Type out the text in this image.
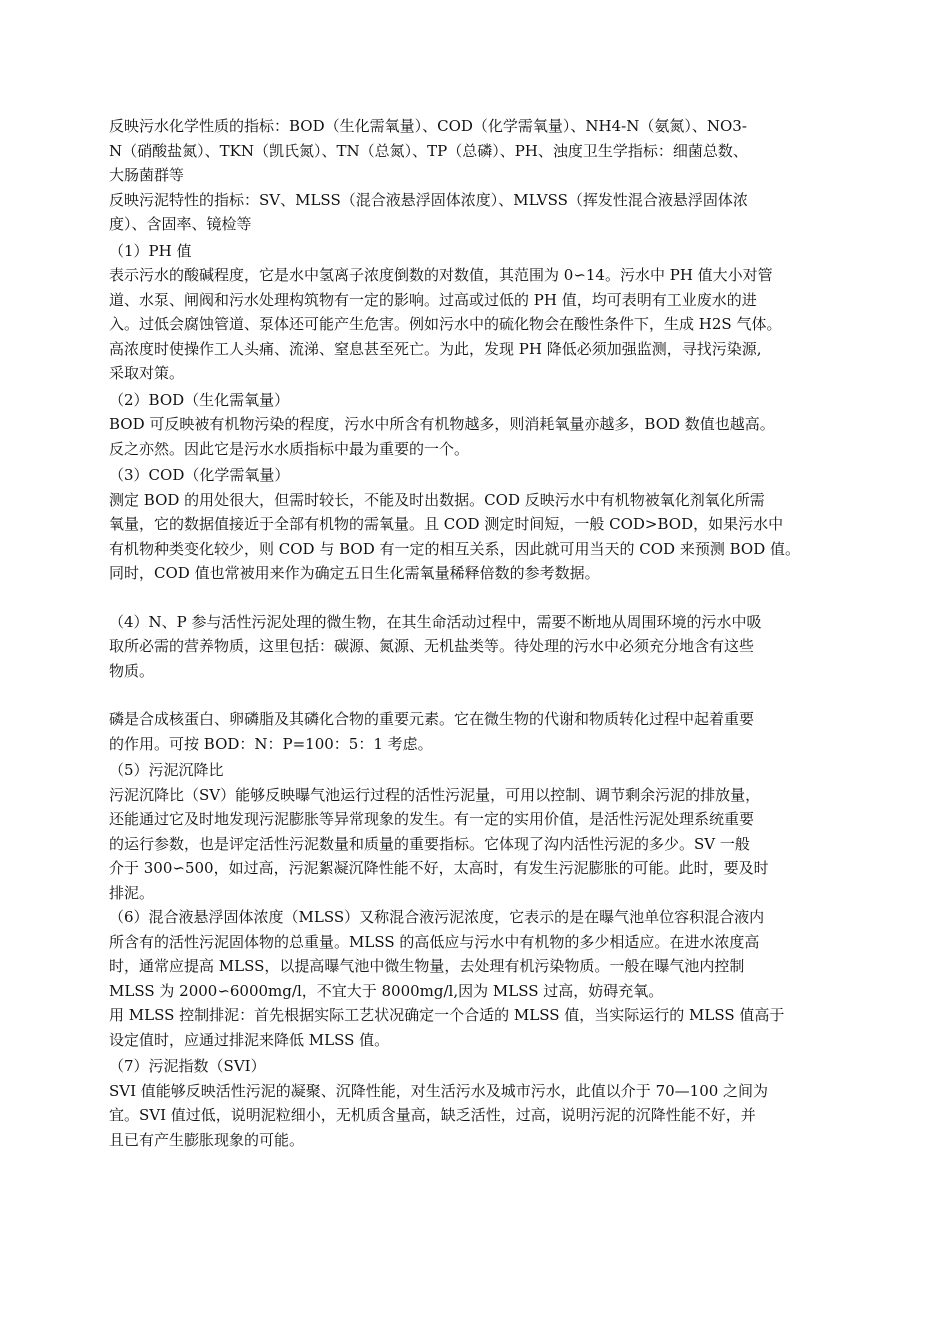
反映污水化学性质的指标：BOD（生化需氧量）、COD（化学需氧量）、NH4-N（氨氮）、NO3-
N（硝酸盐氮）、TKN（凯氏氮）、TN（总氮）、TP（总磷）、PH、浊度卫生学指标：细菌总数、
大肠菌群等
反映污泥特性的指标：SV、MLSS（混合液悬浮固体浓度）、MLVSS（挥发性混合液悬浮固体浓
度）、含固率、镜检等
（1）PH 值
表示污水的酸碱程度，它是水中氢离子浓度倒数的对数值，其范围为 0∽14。污水中 PH 值大小对管
道、水泵、闸阀和污水处理构筑物有一定的影响。过高或过低的 PH 值，均可表明有工业废水的进
入。过低会腐蚀管道、泵体还可能产生危害。例如污水中的硫化物会在酸性条件下，生成 H2S 气体。
高浓度时使操作工人头痛、流涕、窒息甚至死亡。为此，发现 PH 降低必须加强监测，寻找污染源,
采取对策。
（2）BOD（生化需氧量）
BOD 可反映被有机物污染的程度，污水中所含有机物越多，则消耗氧量亦越多，BOD 数值也越高。
反之亦然。因此它是污水水质指标中最为重要的一个。
（3）COD（化学需氧量）
测定 BOD 的用处很大，但需时较长，不能及时出数据。COD 反映污水中有机物被氧化剂氧化所需
氧量，它的数据值接近于全部有机物的需氧量。且 COD 测定时间短，一般 COD>BOD，如果污水中
有机物种类变化较少，则 COD 与 BOD 有一定的相互关系，因此就可用当天的 COD 来预测 BOD 值。
同时，COD 值也常被用来作为确定五日生化需氧量稀释倍数的参考数据。
（4）N、P 参与活性污泥处理的微生物，在其生命活动过程中，需要不断地从周围环境的污水中吸
取所必需的营养物质，这里包括：碳源、氮源、无机盐类等。待处理的污水中必须充分地含有这些
物质。
磷是合成核蛋白、卵磷脂及其磷化合物的重要元素。它在微生物的代谢和物质转化过程中起着重要
的作用。可按 BOD：N：P=100：5：1 考虑。
（5）污泥沉降比
污泥沉降比（SV）能够反映曝气池运行过程的活性污泥量，可用以控制、调节剩余污泥的排放量，
还能通过它及时地发现污泥膨胀等异常现象的发生。有一定的实用价值，是活性污泥处理系统重要
的运行参数，也是评定活性污泥数量和质量的重要指标。它体现了沟内活性污泥的多少。SV 一般
介于 300∽500，如过高，污泥絮凝沉降性能不好，太高时，有发生污泥膨胀的可能。此时，要及时
排泥。
（6）混合液悬浮固体浓度（MLSS）又称混合液污泥浓度，它表示的是在曝气池单位容积混合液内
所含有的活性污泥固体物的总重量。MLSS 的高低应与污水中有机物的多少相适应。在进水浓度高
时，通常应提高 MLSS，以提高曝气池中微生物量，去处理有机污染物质。一般在曝气池内控制
MLSS 为 2000∽6000mg/l，不宜大于 8000mg/l,因为 MLSS 过高，妨碍充氧。
用 MLSS 控制排泥：首先根据实际工艺状况确定一个合适的 MLSS 值，当实际运行的 MLSS 值高于
设定值时，应通过排泥来降低 MLSS 值。
（7）污泥指数（SVI）
SVI 值能够反映活性污泥的凝聚、沉降性能，对生活污水及城市污水，此值以介于 70—100 之间为
宜。SVI 值过低，说明泥粒细小，无机质含量高，缺乏活性，过高，说明污泥的沉降性能不好，并
且已有产生膨胀现象的可能。
